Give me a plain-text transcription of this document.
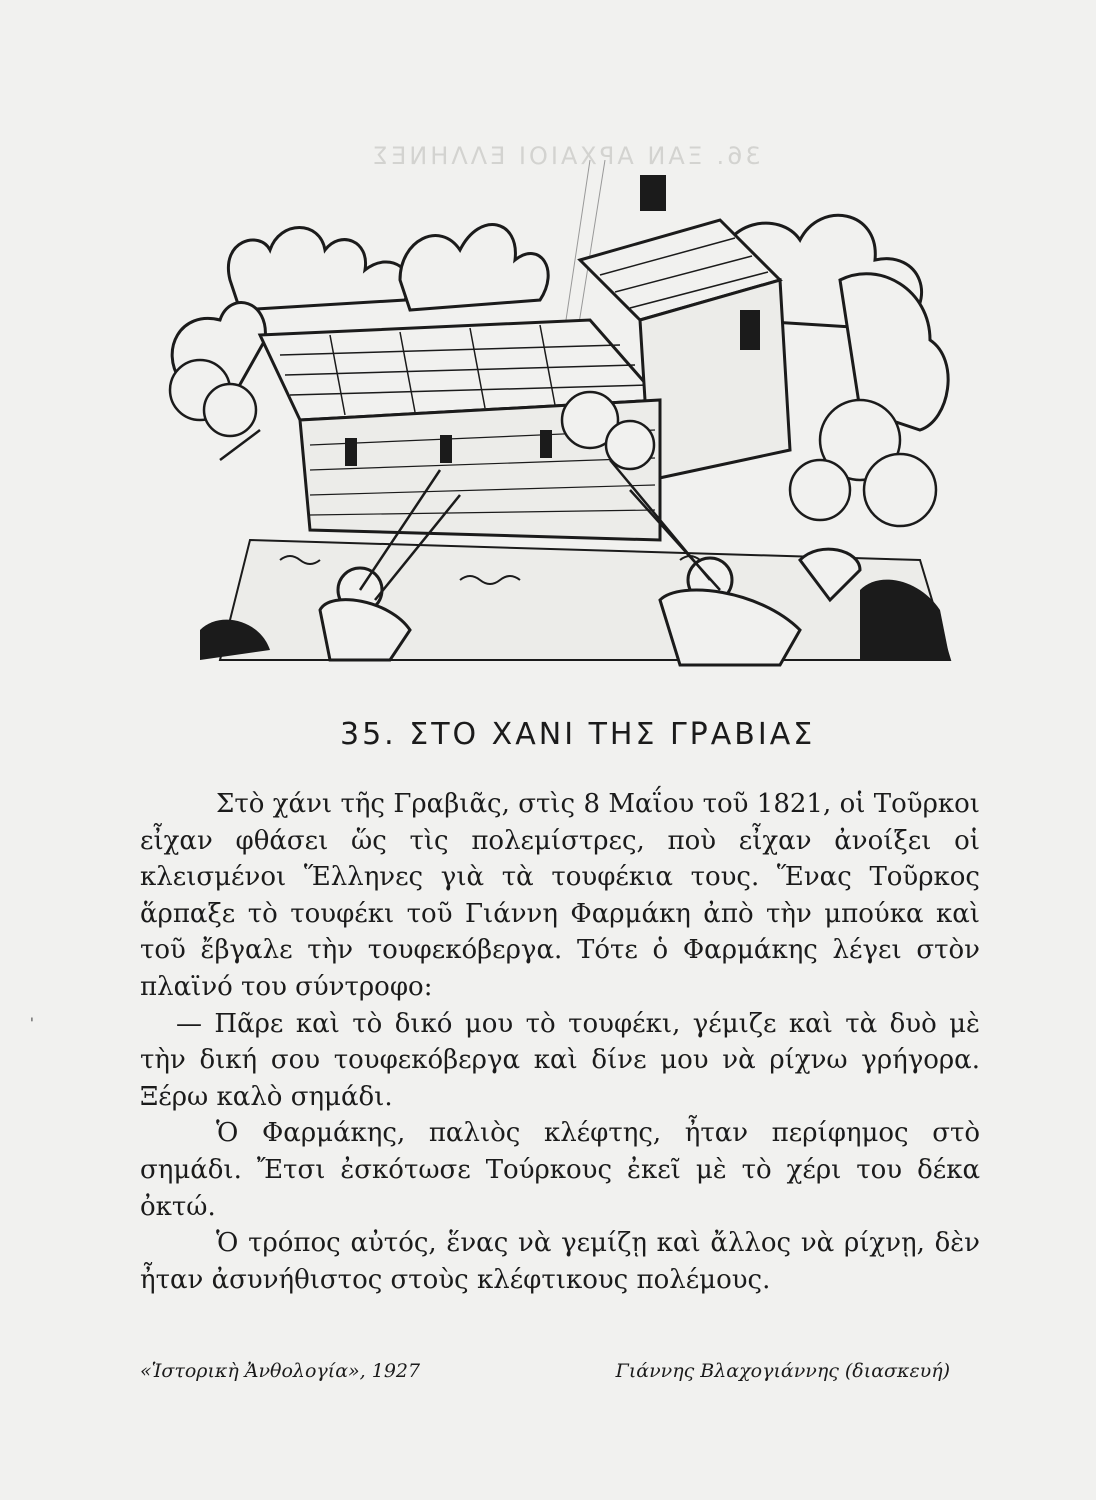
36. ΞΑΝ ΑΡΧΑΙΟΙ ΕΛΛΗΝΕΣ
35. ΣΤΟ ΧΑΝΙ ΤΗΣ ΓΡΑΒΙΑΣ

Στὸ χάνι τῆς Γραβιᾶς, στὶς 8 Μαΐου τοῦ 1821, οἱ Τοῦρκοι εἶχαν φθάσει ὥς τὶς πολεμίστρες, ποὺ εἶχαν ἀνοίξει οἱ κλεισμένοι Ἕλληνες γιὰ τὰ τουφέκια τους. Ἕνας Τοῦρκος ἅρπαξε τὸ τουφέκι τοῦ Γιάννη Φαρμάκη ἀπὸ τὴν μπούκα καὶ τοῦ ἔβγαλε τὴν τουφεκόβεργα. Τότε ὁ Φαρμάκης λέγει στὸν πλαϊνό του σύντροφο:

— Πᾶρε καὶ τὸ δικό μου τὸ τουφέκι, γέμιζε καὶ τὰ δυὸ μὲ τὴν δική σου τουφεκόβεργα καὶ δίνε μου νὰ ρίχνω γρήγορα. Ξέρω καλὸ σημάδι.

Ὁ Φαρμάκης, παλιὸς κλέφτης, ἦταν περίφημος στὸ σημάδι. Ἔτσι ἐσκότωσε Τούρκους ἐκεῖ μὲ τὸ χέρι του δέκα ὀκτώ.

Ὁ τρόπος αὐτός, ἕνας νὰ γεμίζῃ καὶ ἄλλος νὰ ρίχνῃ, δὲν ἦταν ἀσυνήθιστος στοὺς κλέφτικους πολέμους.

'
«Ἱστορικὴ Ἀνθολογία», 1927	Γιάννης Βλαχογιάννης (διασκευή)
